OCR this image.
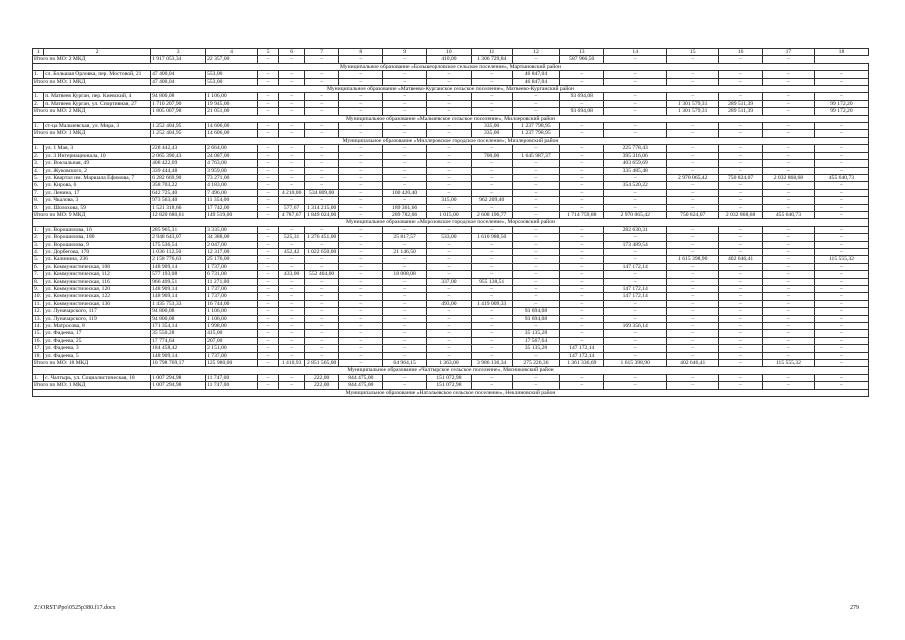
1	2	3	4	5	6	7	8	9	10	11	12	13	14	15	16	17	18
Итого по МО: 2 МКД		1 917 053,34	22 357,00	–	–	–	–	–	410,00	1 306 729,84	–	587 966,50	–	–	–	–	
Муниципальное образование «Большеорловское сельское поселение», Мартыновский район																	
1.	сл. Большая Орловка, пер. Мостовой, 21	47 400,04	553,00	–	–	–	–	–	–	–	46 847,04	–	–	–	–	–	–
Итого по МО: 1 МКД		47 400,04	553,00	–	–	–	–	–	–	–	46 847,04	–	–	–	–	–	–
Муниципальное образование «Матвеево-Курганское сельское поселение», Матвеево-Курганский район																	
1.	п. Матвеев Курган, пер. Киевский, 4	94 800,08	1 106,00	–	–	–	–	–	–	–	–	93 694,08	–	–	–	–	–
2.	п. Матвеев Курган, ул. Спортивная, 27	1 710 207,90	19 945,00	–	–	–	–	–	–	–	–	–	–	1 301 579,31	289 511,39	–	99 172,20
Итого по МО: 2 МКД		1 805 007,98	21 051,00	–	–	–	–	–	–	–	–	93 694,08	–	1 301 579,31	289 511,39	–	99 172,20
Муниципальное образование «Мальчевское сельское поселение», Миллеровский район																	
1.	ст-ца Мальчевская, ул. Мира, 3	1 252 404,95	14 606,00	–	–	–	–	–	–	335,00	1 237 798,95	–	–	–	–	–	–
Итого по МО: 1 МКД		1 252 404,95	14 606,00	–	–	–	–	–	–	335,00	1 237 798,95	–	–	–	–	–	–
Муниципальное образование «Миллеровское городское поселение», Миллеровский район																	
1.	ул. 1 Мая, 3	228 442,43	2 664,00	–	–	–	–	–	–	–	–	–	225 778,43	–	–	–	–
2.	ул. 3 Интернационала, 10	2 065 390,43	24 087,00	–	–	–	–	–	–	700,00	1 645 987,37	–	395 316,06	–	–	–	–
3.	ул. Вокзальная, 49	408 422,69	4 763,00	–	–	–	–	–	–	–	–	–	403 659,69	–	–	–	–
4.	ул. Жуковского, 2	339 444,48	3 959,00	–	–	–	–	–	–	–	–	–	335 485,48	–	–	–	–
5.	ул. Квартал им. Маршала Ефимова, 7	6 282 669,90	73 271,00	–	–	–	–	–	–	–	–	–	–	2 970 065,42	750 824,07	2 032 868,68	455 640,73
6.	ул. Кирова, 6	358 703,22	4 183,00	–	–	–	–	–	–	–	–	–	354 520,22	–	–	–	–
7.	ул. Ленина, 17	642 725,40	7 496,00	–	4 210,00	534 809,00	–	100 420,40	–	–	–	–	–	–	–	–	–
8.	ул. Чкалова, 3	973 563,40	11 354,00	–	–	–	–	–	315,00	962 209,40	–	–	–	–	–	–	–
9.	ул. Шолохова, 59	1 521 318,66	17 742,00	–	577,67	1 314 215,00	–	189 361,66	–	–	–	–	–	–	–	–	–
Итого по МО: 9 МКД		12 820 680,61	149 519,00	–	4 787,67	1 849 024,00	–	289 782,06	1 015,00	2 608 196,77	–	1 714 759,88	2 970 065,42	750 824,07	2 032 868,68	455 640,73	–
Муниципальное образование «Морозовское городское поселение», Морозовский район																	
1.	ул. Ворошилова, 16	285 965,31	3 335,00	–	–	–	–	–	–	–	–	–	282 630,31	–	–	–	–
2.	ул. Ворошилова, 180	2 948 643,07	34 388,00	–	525,31	1 276 451,00	–	25 817,57	533,00	1 610 988,50	–	–	–	–	–	–	–
3.	ул. Ворошилова, 9	175 536,54	2 047,00	–	–	–	–	–	–	–	–	–	173 489,54	–	–	–	–
4.	ул. Дорбегова, 170	1 036 112,50	12 317,00	–	452,42	1 022 650,00	–	21 146,50	–	–	–	–	–	–	–	–	–
5.	ул. Калинина, 236	2 158 776,63	25 176,00	–	–	–	–	–	–	–	–	–	–	1 615 398,90	402 646,41	–	115 555,32
6.	ул. Коммунистическая, 108	148 909,14	1 737,00	–	–	–	–	–	–	–	–	–	147 172,14	–	–	–	–
7.	ул. Коммунистическая, 112	577 193,08	6 731,00	–	433,00	552 464,00	–	18 008,08	–	–	–	–	–	–	–	–	–
8.	ул. Коммунистическая, 116	966 409,51	11 271,00	–	–	–	–	–	337,00	955 138,51	–	–	–	–	–	–	–
9.	ул. Коммунистическая, 120	148 909,14	1 737,00	–	–	–	–	–	–	–	–	–	147 172,14	–	–	–	–
10.	ул. Коммунистическая, 122	148 909,14	1 737,00	–	–	–	–	–	–	–	–	–	147 172,14	–	–	–	–
11.	ул. Коммунистическая, 136	1 435 753,33	16 744,00	–	–	–	–	–	493,00	1 419 009,33	–	–	–	–	–	–	–
12.	ул. Луначарского, 117	94 800,08	1 106,00	–	–	–	–	–	–	–	93 694,08	–	–	–	–	–	–
13.	ул. Луначарского, 119	94 800,08	1 106,00	–	–	–	–	–	–	–	93 694,08	–	–	–	–	–	–
14.	ул. Матросова, 8	171 354,14	1 998,00	–	–	–	–	–	–	–	–	–	169 356,14	–	–	–	–
15.	ул. Фадеева, 17	35 550,28	415,00	–	–	–	–	–	–	–	35 135,28	–	–	–	–	–	–
16.	ул. Фадеева, 25	17 774,64	207,00	–	–	–	–	–	–	–	17 567,64	–	–	–	–	–	–
17.	ул. Фадеева, 3	184 458,42	2 151,00	–	–	–	–	–	–	–	35 135,28	147 172,14	–	–	–	–	–
18.	ул. Фадеева, 5	148 909,14	1 737,00	–	–	–	–	–	–	–	–	147 172,14	–	–	–	–	–
Итого по МО: 18 МКД		10 798 769,17	125 980,00	–	1 410,93	2 851 565,00	–	64 964,15	1 363,00	3 986 136,34	275 226,36	1 361 336,69	1 615 398,90	402 646,41	–	115 555,32	–
Муниципальное образование «Чалтырское сельское поселение», Мясниковский район																	
1.	с. Чалтырь, ул. Социалистическая, 18	1 007 294,98	11 747,00	–	–	222,00	844 475,00	–	151 072,98	–	–	–	–	–	–	–	–
Итого по МО: 1 МКД		1 007 294,98	11 747,00	–	–	222,00	844 475,00	–	151 072,98	–	–	–	–	–	–	–	–
Муниципальное образование «Натальевское сельское поселение», Неклиновский район																	
Z:\ORST\Ppo\0525p380.f17.docx	279
